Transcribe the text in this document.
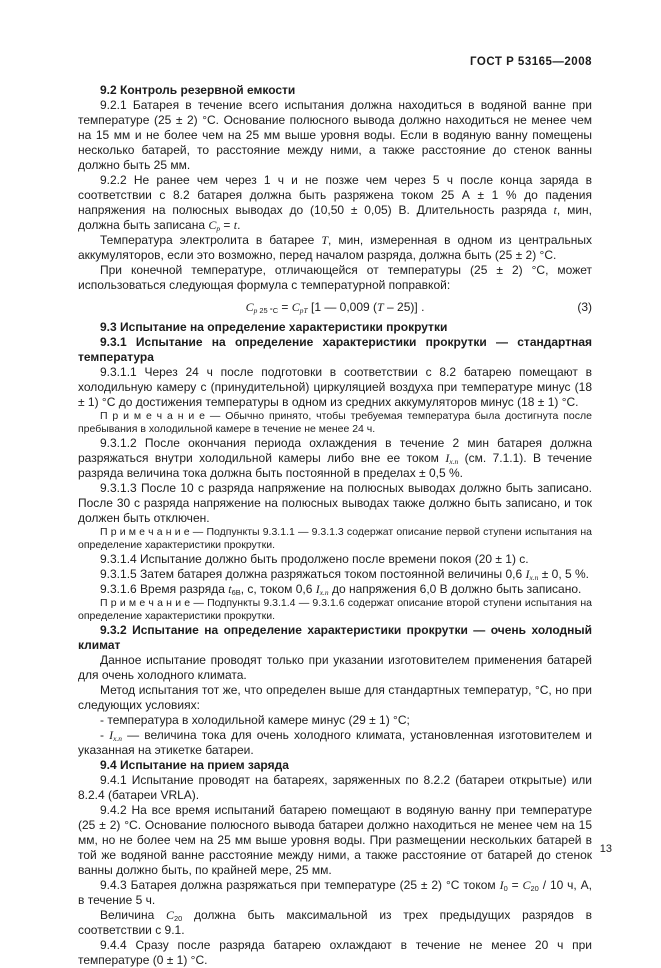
ГОСТ Р 53165—2008

9.2 Контроль резервной емкости

9.2.1 Батарея в течение всего испытания должна находиться в водяной ванне при температуре (25 ± 2) °С. Основание полюсного вывода должно находиться не менее чем на 15 мм и не более чем на 25 мм выше уровня воды. Если в водяную ванну помещены несколько батарей, то расстояние между ними, а также расстояние до стенок ванны должно быть 25 мм.

9.2.2 Не ранее чем через 1 ч и не позже чем через 5 ч после конца заряда в соответствии с 8.2 батарея должна быть разряжена током 25 А ± 1 % до падения напряжения на полюсных выводах до (10,50 ± 0,05) В. Длительность разряда t, мин, должна быть записана $C_р = t$.

Температура электролита в батарее Т, мин, измеренная в одном из центральных аккумуляторов, если это возможно, перед началом разряда, должна быть (25 ± 2) °С.

При конечной температуре, отличающейся от температуры (25 ± 2) °С, может использоваться следующая формула с температурной поправкой:

$C_р$ $_{25 ^\circ С} = C_{рТ}$ [1 — 0,009 (Т – 25)] .	(3)

9.3 Испытание на определение характеристики прокрутки

9.3.1 Испытание на определение характеристики прокрутки — стандартная температура

9.3.1.1 Через 24 ч после подготовки в соответствии с 8.2 батарею помещают в холодильную камеру с (принудительной) циркуляцией воздуха при температуре минус (18 ± 1) °С до достижения температуры в одном из средних аккумуляторов минус (18 ± 1) °С.

П р и м е ч а н и е — Обычно принято, чтобы требуемая температура была достигнута после пребывания в холодильной камере в течение не менее 24 ч.

9.3.1.2 После окончания периода охлаждения в течение 2 мин батарея должна разряжаться внутри холодильной камеры либо вне ее током $I_{х.п}$ (см. 7.1.1). В течение разряда величина тока должна быть постоянной в пределах ± 0,5 %.

9.3.1.3 После 10 с разряда напряжение на полюсных выводах должно быть записано. После 30 с разряда напряжение на полюсных выводах также должно быть записано, и ток должен быть отключен.

П р и м е ч а н и е — Подпункты 9.3.1.1 — 9.3.1.3 содержат описание первой ступени испытания на определение характеристики прокрутки.

9.3.1.4 Испытание должно быть продолжено после времени покоя (20 ± 1) с.

9.3.1.5 Затем батарея должна разряжаться током постоянной величины 0,6 $I_{х.п} \pm 0$, 5 %.

9.3.1.6 Время разряда $t_{6В}$, с, током 0,6 $I_{х.п}$ до напряжения 6,0 В должно быть записано.

П р и м е ч а н и е — Подпункты 9.3.1.4 — 9.3.1.6 содержат описание второй ступени испытания на определение характеристики прокрутки.

9.3.2 Испытание на определение характеристики прокрутки — очень холодный климат

Данное испытание проводят только при указании изготовителем применения батарей для очень холодного климата.

Метод испытания тот же, что определен выше для стандартных температур, °С, но при следующих условиях:

- температура в холодильной камере минус (29 ± 1) °С;

- $I_{х.п}$ — величина тока для очень холодного климата, установленная изготовителем и указанная на этикетке батареи.

9.4 Испытание на прием заряда

9.4.1 Испытание проводят на батареях, заряженных по 8.2.2 (батареи открытые) или 8.2.4 (батареи VRLA).

9.4.2 На все время испытаний батарею помещают в водяную ванну при температуре (25 ± 2) °С. Основание полюсного вывода батареи должно находиться не менее чем на 15 мм, но не более чем на 25 мм выше уровня воды. При размещении нескольких батарей в той же водяной ванне расстояние между ними, а также расстояние от батарей до стенок ванны должно быть, по крайней мере, 25 мм.

9.4.3 Батарея должна разряжаться при температуре (25 ± 2) °С током $I_0 = C_{20} / 10$ ч, А, в течение 5 ч.

Величина $C_{20}$ должна быть максимальной из трех предыдущих разрядов в соответствии с 9.1.

9.4.4 Сразу после разряда батарею охлаждают в течение не менее 20 ч при температуре (0 ± 1) °С.

13
